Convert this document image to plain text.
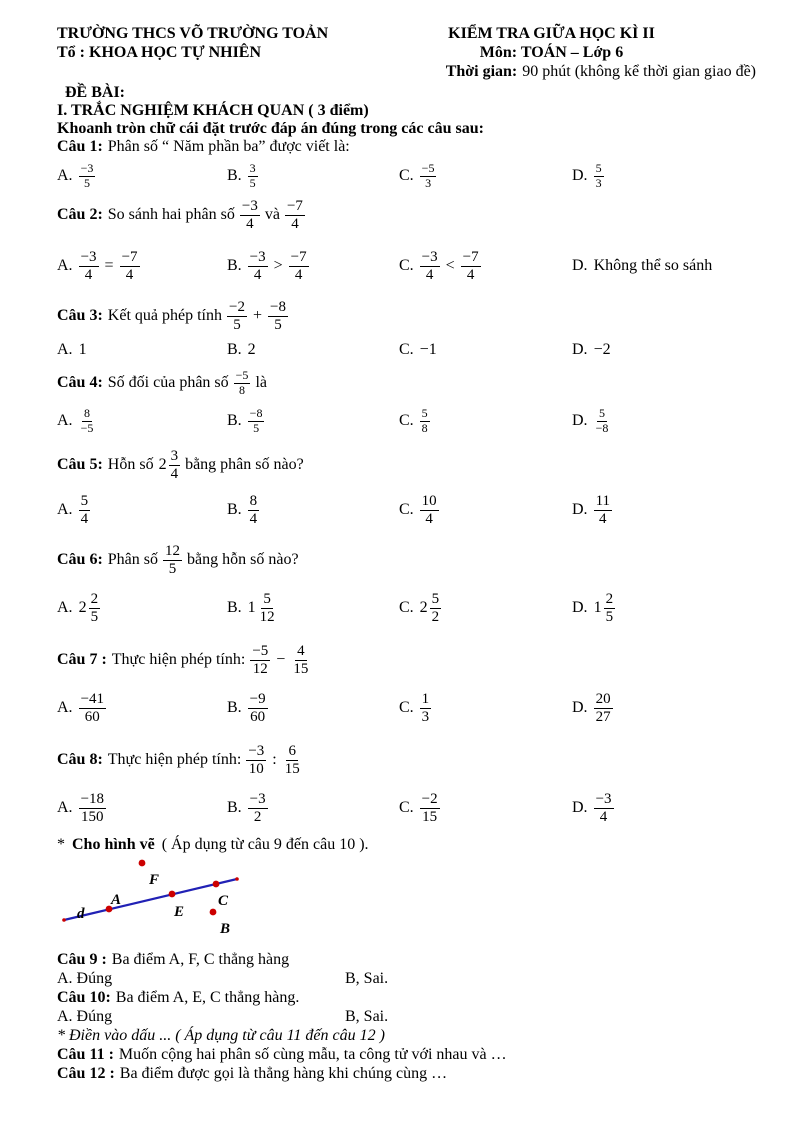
TRƯỜNG THCS VÕ TRƯỜNG TOẢN
Tổ : KHOA HỌC TỰ NHIÊN
KIỂM TRA GIỮA HỌC KÌ II
Môn: TOÁN – Lớp 6
Thời gian: 90 phút (không kể thời gian giao đề)
ĐỀ BÀI:
I. TRẮC NGHIỆM KHÁCH QUAN ( 3 điểm)
Khoanh tròn chữ cái đặt trước đáp án đúng trong các câu sau:
Câu 1: Phân số “ Năm phần ba” được viết là:
A. $\frac{-3}{5}$	B. $\frac{3}{5}$	C. $\frac{-5}{3}$	D. $\frac{5}{3}$
Câu 2: So sánh hai phân số $\frac{-3}{4}$ và $\frac{-7}{4}$
A. $\frac{-3}{4} = \frac{-7}{4}$	B. $\frac{-3}{4} > \frac{-7}{4}$	C. $\frac{-3}{4} < \frac{-7}{4}$	D. Không thể so sánh
Câu 3: Kết quả phép tính $\frac{-2}{5} + \frac{-8}{5}$
A. 1	B. 2	C. −1	D. −2
Câu 4: Số đối của phân số $\frac{-5}{8}$ là
A. $\frac{8}{-5}$	B. $\frac{-8}{5}$	C. $\frac{5}{8}$	D. $\frac{5}{-8}$
Câu 5: Hỗn số $2 \frac{3}{4}$ bằng phân số nào?
A. $\frac{5}{4}$	B. $\frac{8}{4}$	C. $\frac{10}{4}$	D. $\frac{11}{4}$
Câu 6: Phân số $\frac{12}{5}$ bằng hỗn số nào?
A. $2 \frac{2}{5}$	B. $1 \frac{5}{12}$	C. $2 \frac{5}{2}$	D. $1 \frac{2}{5}$
Câu 7 : Thực hiện phép tính: $\frac{-5}{12} - \frac{4}{15}$
A. $\frac{-41}{60}$	B. $\frac{-9}{60}$	C. $\frac{1}{3}$	D. $\frac{20}{27}$
Câu 8: Thực hiện phép tính: $\frac{-3}{10}$ : $\frac{6}{15}$
A. $\frac{-18}{150}$	B. $\frac{-3}{2}$	C. $\frac{-2}{15}$	D. $\frac{-3}{4}$
* Cho hình vẽ ( Áp dụng từ câu 9 đến câu 10 ).
d
A
E
C
F
B
Câu 9 : Ba điểm A, F, C thẳng hàng
A. Đúng	B, Sai.
Câu 10: Ba điểm A, E, C thẳng hàng.
A. Đúng	B, Sai.
* Điền vào dấu ... ( Áp dụng từ câu 11 đến câu 12 )
Câu 11 : Muốn cộng hai phân số cùng mẫu, ta công tử với nhau và …
Câu 12 : Ba điểm được gọi là thẳng hàng khi chúng cùng …
